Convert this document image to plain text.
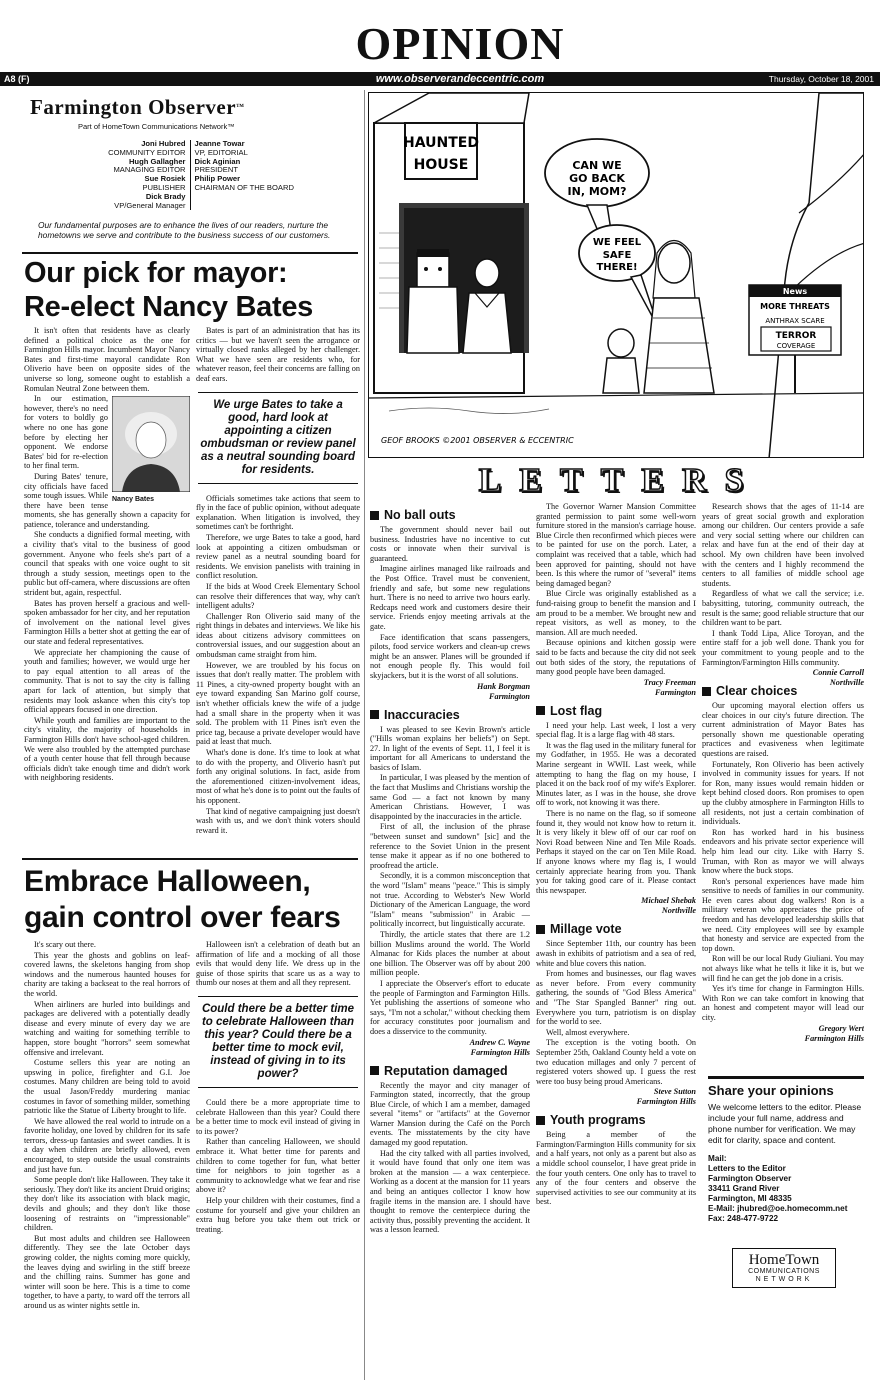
OPINION
A8 (F)	www.observerandeccentric.com	Thursday, October 18, 2001
Farmington Observer™
Part of HomeTown Communications Network™
Joni Hubred
COMMUNITY EDITOR
Hugh Gallagher
MANAGING EDITOR
Sue Rosiek
PUBLISHER
Dick Brady
VP/General Manager

Jeanne Towar
VP, EDITORIAL
Dick Aginian
PRESIDENT
Philip Power
CHAIRMAN OF THE BOARD
Our fundamental purposes are to enhance the lives of our readers, nurture the hometowns we serve and contribute to the business success of our customers.
Our pick for mayor:
Re-elect Nancy Bates

It isn't often that residents have as clearly defined a political choice as the one for Farmington Hills mayor. Incumbent Mayor Nancy Bates and first-time mayoral candidate Ron Oliverio have been on opposite sides of the universe so long, someone ought to establish a Romulan Neutral Zone between them.

Nancy Bates

In our estimation, however, there's no need for voters to boldly go where no one has gone before by electing her opponent. We endorse Bates' bid for re-election to her final term.

During Bates' tenure, city officials have faced some tough issues. While there have been tense moments, she has generally shown a capacity for patience, tolerance and understanding.

She conducts a dignified formal meeting, with a civility that's vital to the business of good government. Anyone who feels she's part of a council that speaks with one voice ought to sit through a study session, meetings open to the public but off-camera, where discussions are often strident but, again, respectful.

Bates has proven herself a gracious and well-spoken ambassador for her city, and her reputation of involvement on the national level gives Farmington Hills a better shot at getting the ear of our state and federal representatives.

We appreciate her championing the cause of youth and families; however, we would urge her to pay equal attention to all areas of the community. That is not to say the city is falling apart for lack of attention, but simply that residents may look askance when this city's top official appears focused in one direction.

While youth and families are important to the city's vitality, the majority of households in Farmington Hills don't have school-aged children. We were also troubled by the attempted purchase of a youth center house that fell through because officials didn't take enough time and didn't work with neighboring residents.

Bates is part of an administration that has its critics — but we haven't seen the arrogance or virtually closed ranks alleged by her challenger. What we have seen are residents who, for whatever reason, feel their concerns are falling on deaf ears.

We urge Bates to take a good, hard look at appointing a citizen ombudsman or review panel as a neutral sounding board for residents.

Officials sometimes take actions that seem to fly in the face of public opinion, without adequate explanation. When litigation is involved, they sometimes can't be forthright.

Therefore, we urge Bates to take a good, hard look at appointing a citizen ombudsman or review panel as a neutral sounding board for residents. We envision panelists with training in conflict resolution.

If the bids at Wood Creek Elementary School can resolve their differences that way, why can't intelligent adults?

Challenger Ron Oliverio said many of the right things in debates and interviews. We like his ideas about citizens advisory committees on controversial issues, and our suggestion about an ombudsman came straight from him.

However, we are troubled by his focus on issues that don't really matter. The problem with 11 Pines, a city-owned property bought with an eye toward expanding San Marino golf course, isn't whether officials knew the wife of a judge had a small share in the property when it was sold. The problem with 11 Pines isn't even the price tag, because a private developer would have paid at least that much.

What's done is done. It's time to look at what to do with the property, and Oliverio hasn't put forth any original solutions. In fact, aside from the aforementioned citizen-involvement ideas, most of what he's done is to point out the faults of his opponent.

That kind of negative campaigning just doesn't wash with us, and we don't think voters should reward it.

Embrace Halloween,
gain control over fears

It's scary out there.

This year the ghosts and goblins on leaf-covered lawns, the skeletons hanging from shop windows and the numerous haunted houses for charity are taking a backseat to the real horrors of the world.

When airliners are hurled into buildings and packages are delivered with a potentially deadly disease and every minute of every day we are watching and waiting for something terrible to happen, store bought "horrors" seem somewhat offensive and irrelevant.

Costume sellers this year are noting an upswing in police, firefighter and G.I. Joe costumes. Many children are being told to avoid the usual Jason/Freddy murdering maniac costumes in favor of something milder, something patriotic like the Statue of Liberty brought to life.

We have allowed the real world to intrude on a favorite holiday, one loved by children for its safe terrors, dress-up fantasies and sweet candies. It is a day when children are briefly allowed, even encouraged, to step outside the usual constraints and just have fun.

Some people don't like Halloween. They take it seriously. They don't like its ancient Druid origins; they don't like its association with black magic, devils and ghouls; and they don't like those loosening of restraints on "impressionable" children.

But most adults and children see Halloween differently. They see the late October days growing colder, the nights coming more quickly, the leaves dying and swirling in the stiff breeze and the chilling rains. Summer has gone and winter will soon be here. This is a time to come together, to have a party, to ward off the terrors all around us as winter nights settle in.

Halloween isn't a celebration of death but an affirmation of life and a mocking of all those evils that would deny life. We dress up in the guise of those spirits that scare us as a way to thumb our noses at them and all they represent.

Could there be a better time to celebrate Halloween than this year? Could there be a better time to mock evil, instead of giving in to its power?

Could there be a more appropriate time to celebrate Halloween than this year? Could there be a better time to mock evil instead of giving in to its power?

Rather than canceling Halloween, we should embrace it. What better time for parents and children to come together for fun, what better time for neighbors to join together as a community to acknowledge what we fear and rise above it?

Help your children with their costumes, find a costume for yourself and give your children an extra hug before you take them out trick or treating.

HAUNTED
HOUSE	CAN WE GO BACK IN, MOM?
WE FEEL SAFE THERE!
News
MORE THREATS
ANTHRAX SCARE
TERROR
COVERAGE
GEOF BROOKS ©2001 OBSERVER & ECCENTRIC
LETTERS
No ball outs

The government should never bail out business. Industries have no incentive to cut costs or innovate when their survival is guaranteed.

Imagine airlines managed like railroads and the Post Office. Travel must be convenient, friendly and safe, but some new regulations hurt. There is no need to arrive two hours early. Redcaps need work and customers desire their service. Friends enjoy meeting arrivals at the gate.

Face identification that scans passengers, pilots, food service workers and clean-up crews might be an answer. Planes will be grounded if not enough people fly. This would foil skyjackers, but it is the worst of all solutions.

Hank Borgman
Farmington
Inaccuracies

I was pleased to see Kevin Brown's article ("Hills woman explains her beliefs") on Sept. 27. In light of the events of Sept. 11, I feel it is important for all Americans to understand the basics of Islam.

In particular, I was pleased by the mention of the fact that Muslims and Christians worship the same God — a fact not known by many American Christians. However, I was disappointed by the inaccuracies in the article.

First of all, the inclusion of the phrase "between sunset and sundown" [sic] and the reference to the Soviet Union in the present tense make it appear as if no one bothered to proofread the article.

Secondly, it is a common misconception that the word "Islam" means "peace." This is simply not true. According to Webster's New World Dictionary of the American Language, the word "Islam" means "submission" in Arabic — politically incorrect, but linguistically accurate.

Thirdly, the article states that there are 1.2 billion Muslims around the world. The World Almanac for Kids places the number at about one billion. The Observer was off by about 200 million people.

I appreciate the Observer's effort to educate the people of Farmington and Farmington Hills. Yet publishing the assertions of someone who says, "I'm not a scholar," without checking them for accuracy constitutes poor journalism and does a disservice to the community.

Andrew C. Wayne
Farmington Hills
Reputation damaged

Recently the mayor and city manager of Farmington stated, incorrectly, that the group Blue Circle, of which I am a member, damaged several "items" or "artifacts" at the Governor Warner Mansion during the Café on the Porch events. The misstatements by the city have damaged my good reputation.

Had the city talked with all parties involved, it would have found that only one item was broken at the mansion — a wax centerpiece. Working as a docent at the mansion for 11 years and being an antiques collector I know how fragile items in the mansion are. I should have thought to remove the centerpiece during the activity thus, possibly preventing the accident. It was a lesson learned.

The Governor Warner Mansion Committee granted permission to paint some well-worn furniture stored in the mansion's carriage house. Blue Circle then reconfirmed which pieces were to be painted for use on the porch. Later, a complaint was received that a table, which had been approved for painting, should not have been. Is this where the rumor of "several" items being damaged began?

Blue Circle was originally established as a fund-raising group to benefit the mansion and I am proud to be a member. We brought new and repeat visitors, as well as money, to the mansion. All are much needed.

Because opinions and kitchen gossip were said to be facts and because the city did not seek out both sides of the story, the reputations of many good people have been damaged.

Tracy Freeman
Farmington
Lost flag

I need your help. Last week, I lost a very special flag. It is a large flag with 48 stars.

It was the flag used in the military funeral for my Godfather, in 1955. He was a decorated Marine sergeant in WWII. Last week, while attempting to hang the flag on my house, I placed it on the back roof of my wife's Explorer. Minutes later, as I was in the house, she drove off to work, not knowing it was there.

There is no name on the flag, so if someone found it, they would not know how to return it. It is very likely it blew off of our car roof on Novi Road between Nine and Ten Mile Roads. Perhaps it stayed on the car on Ten Mile Road. If anyone knows where my flag is, I would certainly appreciate hearing from you. Thank you for taking good care of it. Please contact this newspaper.

Michael Shebak
Northville
Millage vote

Since September 11th, our country has been awash in exhibits of patriotism and a sea of red, white and blue covers this nation.

From homes and businesses, our flag waves as never before. From every community gathering, the sounds of "God Bless America" and "The Star Spangled Banner" ring out. Everywhere you turn, patriotism is on display for the world to see.

Well, almost everywhere.

The exception is the voting booth. On September 25th, Oakland County held a vote on two education millages and only 7 percent of registered voters showed up. I guess the rest were too busy being proud Americans.

Steve Sutton
Farmington Hills
Youth programs

Being a member of the Farmington/Farmington Hills community for six and a half years, not only as a parent but also as a middle school counselor, I have great pride in the four youth centers. One only has to travel to any of the four centers and observe the supervised activities to see our community at its best.

Research shows that the ages of 11-14 are years of great social growth and exploration among our children. Our centers provide a safe and very social setting where our children can relax and have fun at the end of their day at school. My own children have been involved with the centers and I highly recommend the centers to all families of middle school age students.

Regardless of what we call the service; i.e. babysitting, tutoring, community outreach, the result is the same; good reliable structure that our children want to be part.

I thank Todd Lipa, Alice Toroyan, and the entire staff for a job well done. Thank you for your commitment to young people and to the Farmington/Farmington Hills community.

Connie Carroll
Northville
Clear choices

Our upcoming mayoral election offers us clear choices in our city's future direction. The current administration of Mayor Bates has personally shown me questionable operating practices and evasiveness when legitimate questions are raised.

Fortunately, Ron Oliverio has been actively involved in community issues for years. If not for Ron, many issues would remain hidden or kept behind closed doors. Ron promises to open up the clubby atmosphere in Farmington Hills to all residents, not just a certain combination of individuals.

Ron has worked hard in his business endeavors and his private sector experience will help him lead our city. Like with Harry S. Truman, with Ron as mayor we will always know where the buck stops.

Ron's personal experiences have made him sensitive to needs of families in our community. He even cares about dog walkers! Ron is a military veteran who appreciates the price of freedom and has developed leadership skills that we need. City employees will see by example that honesty and service are expected from the top down.

Ron will be our local Rudy Giuliani. You may not always like what he tells it like it is, but we will find he can get the job done in a crisis.

Yes it's time for change in Farmington Hills. With Ron we can take comfort in knowing that an honest and competent mayor will lead our city.

Gregory Wert
Farmington Hills
Share your opinions
We welcome letters to the editor. Please include your full name, address and phone number for verification. We may edit for clarity, space and content.
Mail:
Letters to the Editor
Farmington Observer
33411 Grand River
Farmington, MI 48335
E-Mail: jhubred@oe.homecomm.net
Fax: 248-477-9722
HomeTown
COMMUNICATIONS
NETWORK
